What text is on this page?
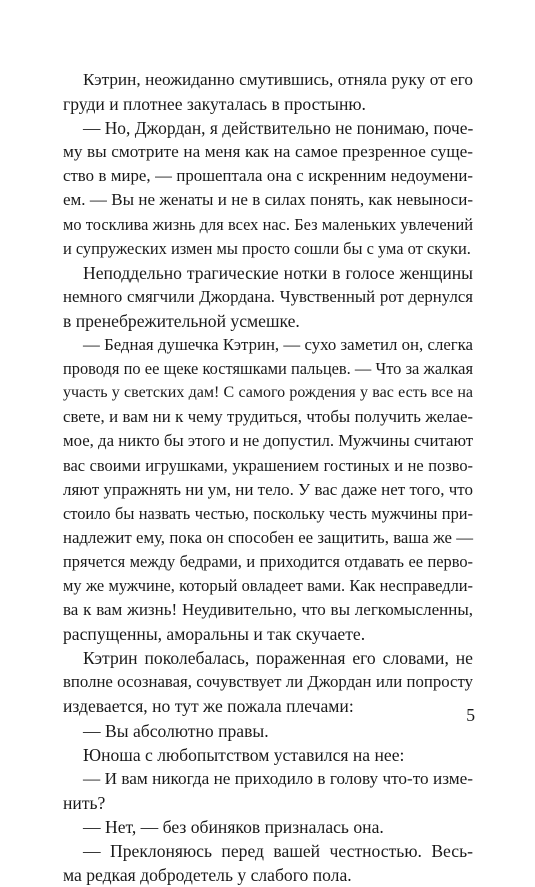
Кэтрин, неожиданно смутившись, отняла руку от его
груди и плотнее закуталась в простыню.
— Но, Джордан, я действительно не понимаю, поче-
му вы смотрите на меня как на самое презренное суще-
ство в мире, — прошептала она с искренним недоумени-
ем. — Вы не женаты и не в силах понять, как невыноси-
мо тосклива жизнь для всех нас. Без маленьких увлечений
и супружеских измен мы просто сошли бы с ума от скуки.
Неподдельно трагические нотки в голосе женщины
немного смягчили Джордана. Чувственный рот дернулся
в пренебрежительной усмешке.
— Бедная душечка Кэтрин, — сухо заметил он, слегка
проводя по ее щеке костяшками пальцев. — Что за жалкая
участь у светских дам! С самого рождения у вас есть все на
свете, и вам ни к чему трудиться, чтобы получить желае-
мое, да никто бы этого и не допустил. Мужчины считают
вас своими игрушками, украшением гостиных и не позво-
ляют упражнять ни ум, ни тело. У вас даже нет того, что
стоило бы назвать честью, поскольку честь мужчины при-
надлежит ему, пока он способен ее защитить, ваша же —
прячется между бедрами, и приходится отдавать ее перво-
му же мужчине, который овладеет вами. Как несправедли-
ва к вам жизнь! Неудивительно, что вы легкомысленны,
распущенны, аморальны и так скучаете.
Кэтрин поколебалась, пораженная его словами, не
вполне осознавая, сочувствует ли Джордан или попросту
издевается, но тут же пожала плечами:
— Вы абсолютно правы.
Юноша с любопытством уставился на нее:
— И вам никогда не приходило в голову что-то изме-
нить?
— Нет, — без обиняков призналась она.
— Преклоняюсь перед вашей честностью. Весь-
ма редкая добродетель у слабого пола.
5
